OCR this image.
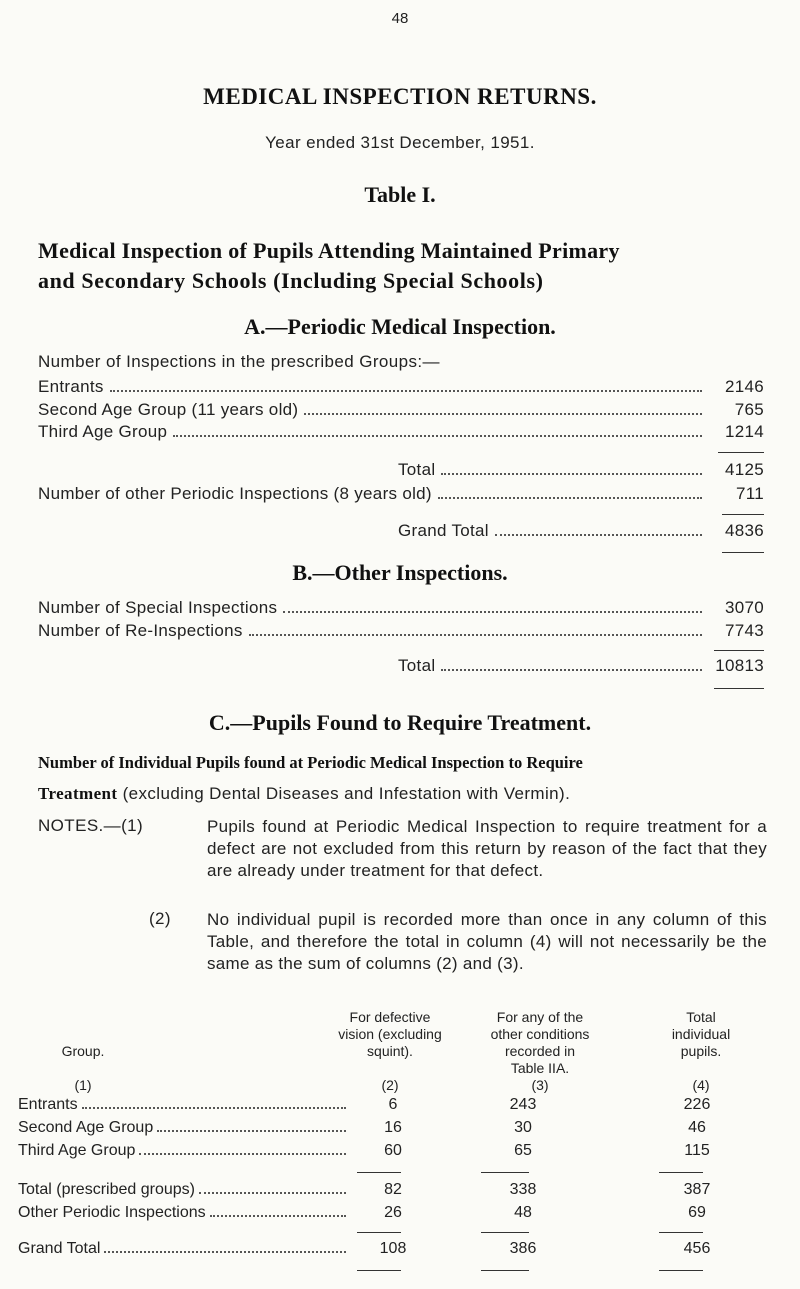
48
MEDICAL INSPECTION RETURNS.
Year ended 31st December, 1951.
Table I.
Medical Inspection of Pupils Attending Maintained Primary
and Secondary Schools (Including Special Schools)
A.—Periodic Medical Inspection.
Number of Inspections in the prescribed Groups:—
Entrants	2146
Second Age Group (11 years old)	765
Third Age Group	1214
Total	4125
Number of other Periodic Inspections (8 years old)	711
Grand Total	4836
B.—Other Inspections.
Number of Special Inspections	3070
Number of Re-Inspections	7743
Total	10813
C.—Pupils Found to Require Treatment.
Number of Individual Pupils found at Periodic Medical Inspection to Require
Treatment (excluding Dental Diseases and Infestation with Vermin).
NOTES.—(1)	Pupils found at Periodic Medical Inspection to require treatment for a defect are not excluded from this return by reason of the fact that they are already under treatment for that defect.

(2) No individual pupil is recorded more than once in any column of this Table, and therefore the total in column (4) will not necessarily be the same as the sum of columns (2) and (3).

Group.

(1)
For defective
vision (excluding
squint).

(2)
For any of the
other conditions
recorded in
Table IIA.
(3)
Total
individual
pupils.

(4)
Entrants	6	243	226
Second Age Group	16	30	46
Third Age Group	60	65	115
Total (prescribed groups)	82	338	387
Other Periodic Inspections	26	48	69
Grand Total	108	386	456
